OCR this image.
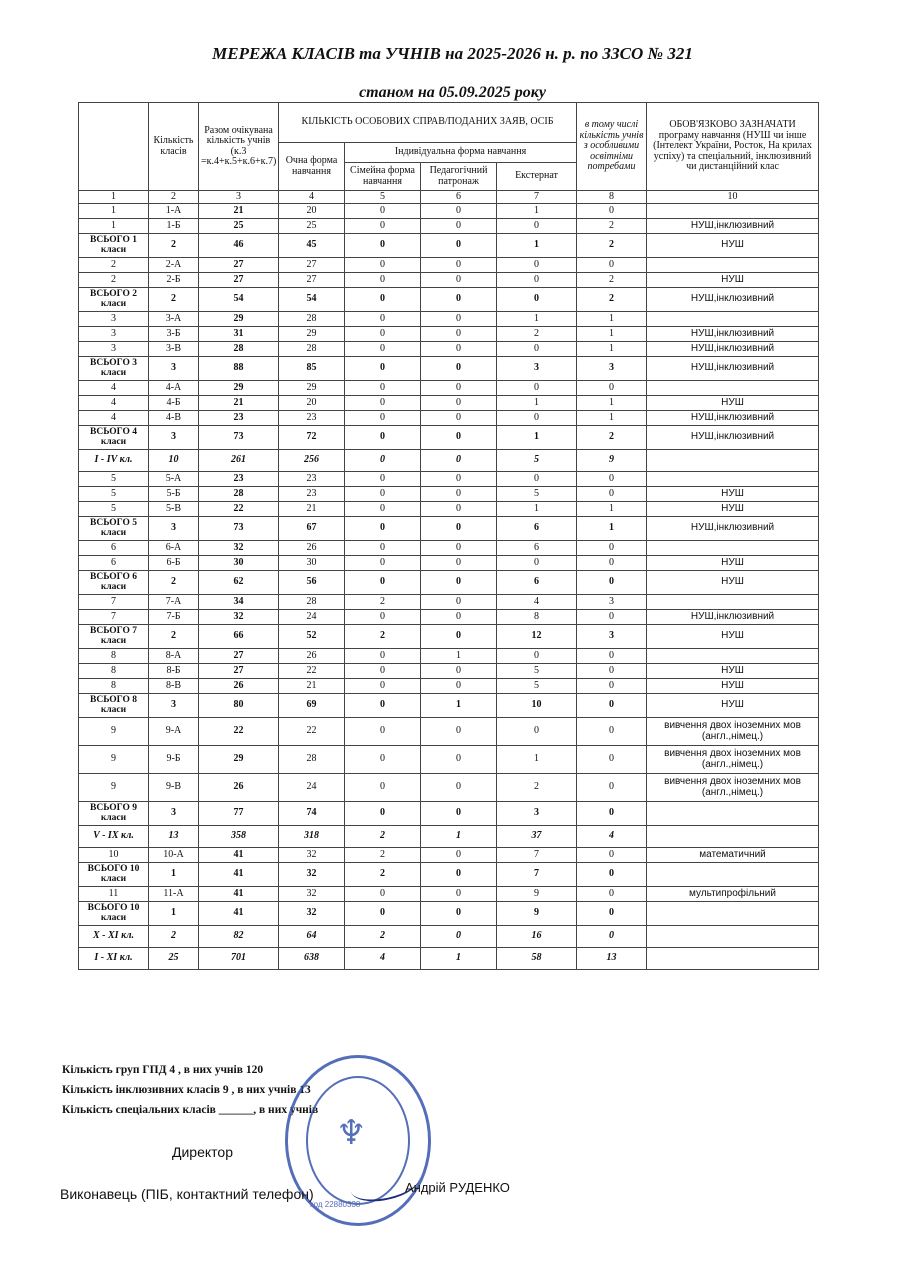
МЕРЕЖА КЛАСІВ та УЧНІВ на 2025-2026 н. р. по ЗЗСО № 321
станом на 05.09.2025 року
	Кількість класів	Разом очікувана кількість учнів (к.3 =к.4+к.5+к.6+к.7)	КІЛЬКІСТЬ ОСОБОВИХ СПРАВ/ПОДАНИХ ЗАЯВ, ОСІБ				в тому числі кількість учнів з особливими освітніми потребами	ОБОВ'ЯЗКОВО ЗАЗНАЧАТИ програму навчання (НУШ чи інше (Інтелект України, Росток, На крилах успіху) та спеціальний, інклюзивний чи дистанційний клас
			Очна форма навчання	Індивідуальна форма навчання				
				Сімейна форма навчання	Педагогічний патронаж	Екстернат		
1	2	3	4	5	6	7	8	10
1	1-А	21	20	0	0	1	0	
1	1-Б	25	25	0	0	0	2	НУШ,інклюзивний
ВСЬОГО 1 класи	2	46	45	0	0	1	2	НУШ
2	2-А	27	27	0	0	0	0	
2	2-Б	27	27	0	0	0	2	НУШ
ВСЬОГО 2 класи	2	54	54	0	0	0	2	НУШ,інклюзивний
3	3-А	29	28	0	0	1	1	
3	3-Б	31	29	0	0	2	1	НУШ,інклюзивний
3	3-В	28	28	0	0	0	1	НУШ,інклюзивний
ВСЬОГО 3 класи	3	88	85	0	0	3	3	НУШ,інклюзивний
4	4-А	29	29	0	0	0	0	
4	4-Б	21	20	0	0	1	1	НУШ
4	4-В	23	23	0	0	0	1	НУШ,інклюзивний
ВСЬОГО 4 класи	3	73	72	0	0	1	2	НУШ,інклюзивний
I - IV кл.	10	261	256	0	0	5	9	
5	5-А	23	23	0	0	0	0	
5	5-Б	28	23	0	0	5	0	НУШ
5	5-В	22	21	0	0	1	1	НУШ
ВСЬОГО 5 класи	3	73	67	0	0	6	1	НУШ,інклюзивний
6	6-А	32	26	0	0	6	0	
6	6-Б	30	30	0	0	0	0	НУШ
ВСЬОГО 6 класи	2	62	56	0	0	6	0	НУШ
7	7-А	34	28	2	0	4	3	
7	7-Б	32	24	0	0	8	0	НУШ,інклюзивний
ВСЬОГО 7 класи	2	66	52	2	0	12	3	НУШ
8	8-А	27	26	0	1	0	0	
8	8-Б	27	22	0	0	5	0	НУШ
8	8-В	26	21	0	0	5	0	НУШ
ВСЬОГО 8 класи	3	80	69	0	1	10	0	НУШ
9	9-А	22	22	0	0	0	0	вивчення двох іноземних мов (англ.,німец.)
9	9-Б	29	28	0	0	1	0	вивчення двох іноземних мов (англ.,німец.)
9	9-В	26	24	0	0	2	0	вивчення двох іноземних мов (англ.,німец.)
ВСЬОГО 9 класи	3	77	74	0	0	3	0	
V - IX кл.	13	358	318	2	1	37	4	
10	10-А	41	32	2	0	7	0	математичний
ВСЬОГО 10 класи	1	41	32	2	0	7	0	
11	11-А	41	32	0	0	9	0	мультипрофільний
ВСЬОГО 10 класи	1	41	32	0	0	9	0	
X - XI кл.	2	82	64	2	0	16	0	
I - XI кл.	25	701	638	4	1	58	13	
Кількість груп ГПД 4 , в них учнів 120
Кількість інклюзивних класів 9 , в них учнів 13
Кількість спеціальних класів ______, в них учнів
♆
код 22880338
Директор
Виконавець (ПІБ, контактний телефон)	Андрій РУДЕНКО
